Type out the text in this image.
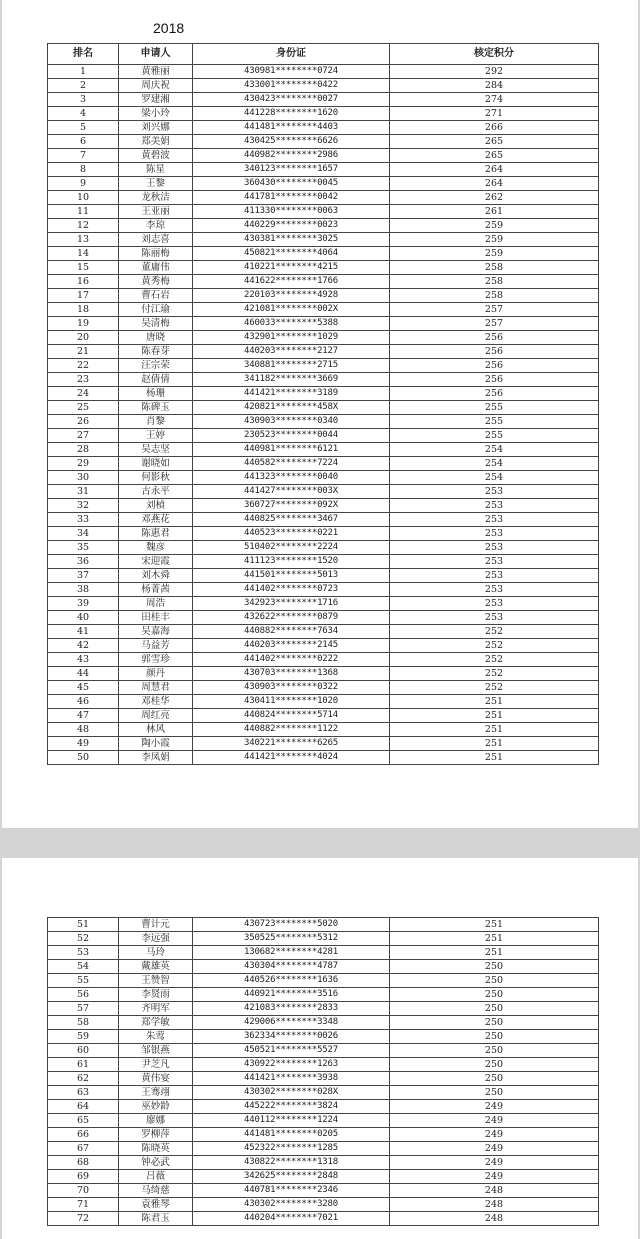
2018
排名	申请人	身份证	核定积分
1	黄雅丽	430981********0724	292
2	周庆祝	433001********0422	284
3	罗建湘	430423********0027	274
4	梁小玲	441228********1620	271
5	刘兴娜	441481********4403	266
6	郑美娟	430425********6626	265
7	黄碧波	440982********2986	265
8	陈星	340123********1657	264
9	王黎	360430********0045	264
10	龙秋洁	441781********0042	262
11	王亚丽	411330********0063	261
12	李琼	440229********0023	259
13	刘志喜	430381********3025	259
14	陈丽梅	450821********4064	259
15	董庸伟	410221********4215	258
16	黄秀梅	441622********1766	258
17	曹石岩	220103********4928	258
18	付江瑜	421081********002X	257
19	吴清梅	460033********5388	257
20	唐晓	432901********1029	256
21	陈春芽	440203********2127	256
22	汪宗荣	340881********2715	256
23	赵倩倩	341182********3669	256
24	杨珊	441421********3189	256
25	陈碑玉	420821********458X	255
26	肖黎	430903********0340	255
27	王婷	230523********0044	255
28	吴志坚	440981********6121	254
29	谢晓如	440582********7224	254
30	何影秋	441323********0040	254
31	古永平	441427********003X	253
32	刘楨	360727********092X	253
33	邓燕花	440825********3467	253
34	陈惠君	440523********0221	253
35	魏彦	510402********2224	253
36	宋迎霞	411123********1520	253
37	刘木舜	441501********5013	253
38	杨菁茜	441402********0723	253
39	周浩	342923********1716	253
40	田桂丰	432622********0879	253
41	吴嘉海	440882********7634	252
42	马益芳	440203********2145	252
43	郭雪珍	441402********0222	252
44	颜丹	430703********1368	252
45	周慧君	430903********0322	252
46	邓桂华	430411********1020	251
47	周红亮	440824********5714	251
48	林风	440882********1122	251
49	陶小霞	340221********6265	251
50	李凤娟	441421********4024	251
51	曹计元	430723********5020	251
52	李远强	350525********5312	251
53	马玲	130682********4281	251
54	戴雄英	430304********4787	250
55	王赞智	440526********1636	250
56	李贤雨	440921********3516	250
57	齐明军	421083********2833	250
58	郑学敏	429006********3348	250
59	朱莺	362334********0026	250
60	邹银燕	450521********5527	250
61	尹芝凡	430922********1263	250
62	黄伟宴	441421********3938	250
63	王骞翊	430302********028X	250
64	巫妙龄	445222********3824	249
65	廖娜	440112********1224	249
66	罗柳萍	441481********0205	249
67	陈晓英	452322********1285	249
68	钟必武	430822********1318	249
69	吕薇	342625********2848	249
70	马绮慈	440781********2346	248
71	袁雅琴	430302********3280	248
72	陈君玉	440204********7021	248
